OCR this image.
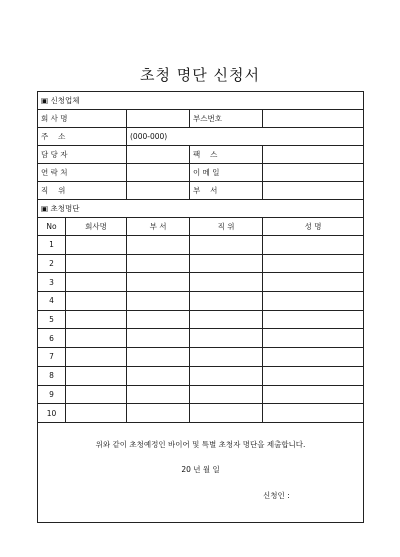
초청 명단 신청서
▣ 신청업체				
회 사 명			부스번호	
주　 소		(000-000)		
담 당 자			팩　 스	
연 락 처			이 메 일	
직　 위			부　 서	
▣ 초청명단				
No	회사명	부 서	직 위	성 명
1				
2				
3				
4				
5				
6				
7				
8				
9				
10				

위와 같이 초청예정인 바이어 및 특별 초청자 명단을 제출합니다.
20 년 월 일
신청인 :				
